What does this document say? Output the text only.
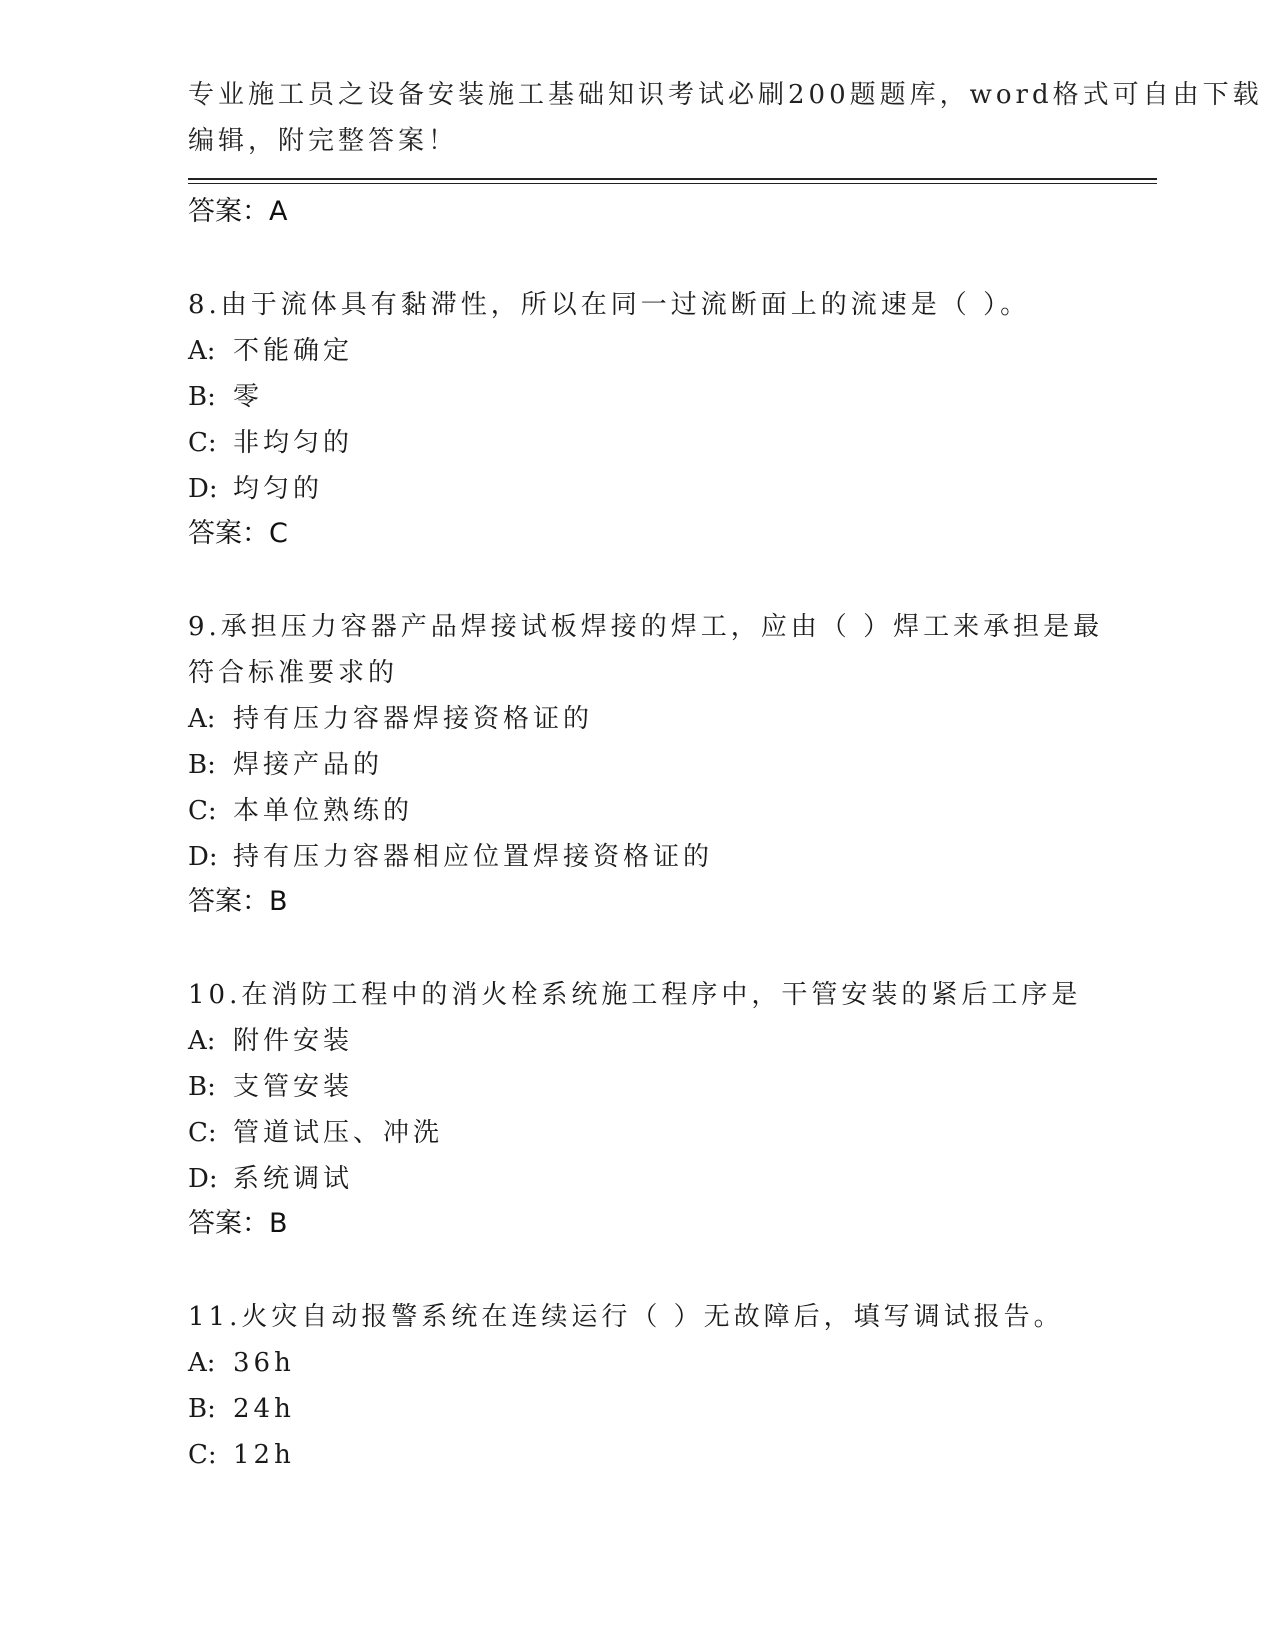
专业施工员之设备安装施工基础知识考试必刷200题题库，word格式可自由下载
编辑，附完整答案！
答案：A
8.由于流体具有黏滞性，所以在同一过流断面上的流速是（ ）。
A: 不能确定
B: 零
C: 非均匀的
D: 均匀的
答案：C
9.承担压力容器产品焊接试板焊接的焊工，应由（ ）焊工来承担是最
符合标准要求的
A: 持有压力容器焊接资格证的
B: 焊接产品的
C: 本单位熟练的
D: 持有压力容器相应位置焊接资格证的
答案：B
10.在消防工程中的消火栓系统施工程序中，干管安装的紧后工序是
A: 附件安装
B: 支管安装
C: 管道试压、冲洗
D: 系统调试
答案：B
11.火灾自动报警系统在连续运行（ ）无故障后，填写调试报告。
A: 36h
B: 24h
C: 12h
